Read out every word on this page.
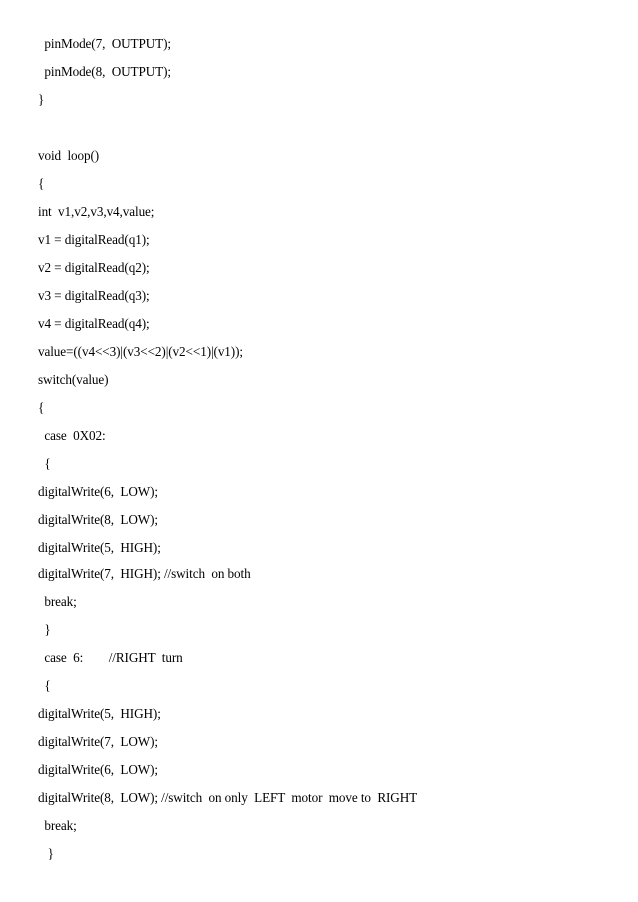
pinMode(7,  OUTPUT);
pinMode(8,  OUTPUT);
}
void  loop()
{
int  v1,v2,v3,v4,value;
v1 = digitalRead(q1);
v2 = digitalRead(q2);
v3 = digitalRead(q3);
v4 = digitalRead(q4);
value=((v4<<3)|(v3<<2)|(v2<<1)|(v1));
switch(value)
{
case  0X02:
{
digitalWrite(6,  LOW);
digitalWrite(8,  LOW);
digitalWrite(5,  HIGH);
digitalWrite(7,  HIGH); //switch  on both
break;
}
case  6:        //RIGHT  turn
{
digitalWrite(5,  HIGH);
digitalWrite(7,  LOW);
digitalWrite(6,  LOW);
digitalWrite(8,  LOW); //switch  on only  LEFT  motor  move to  RIGHT
break;
}
